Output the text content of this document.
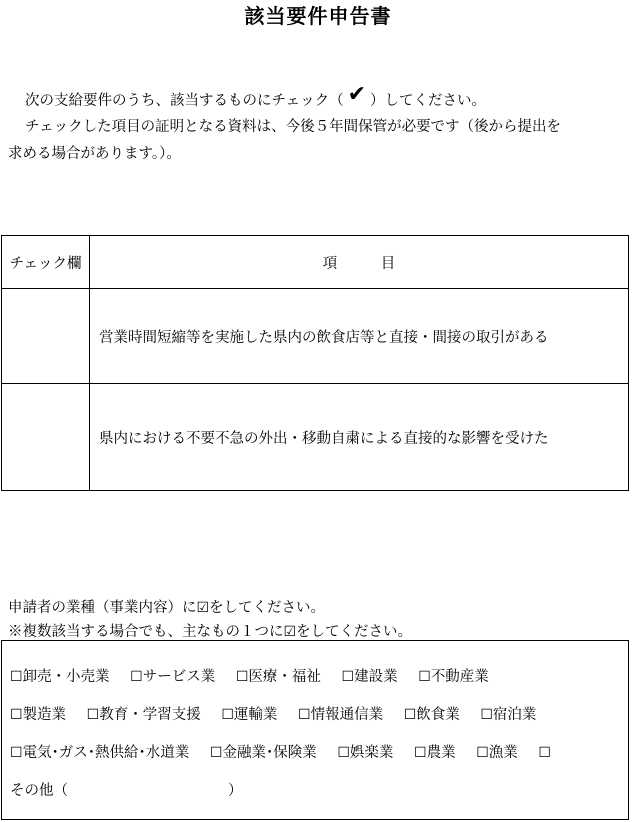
該当要件申告書
次の支給要件のうち、該当するものにチェック（ ✔ ）してください。
チェックした項目の証明となる資料は、今後５年間保管が必要です（後から提出を
求める場合があります。）。
チェック欄	項　　　目
	営業時間短縮等を実施した県内の飲食店等と直接・間接の取引がある
	県内における不要不急の外出・移動自粛による直接的な影響を受けた
申請者の業種（事業内容）に☑をしてください。
※複数該当する場合でも、主なもの１つに☑をしてください。
☐卸売・小売業 ☐サービス業 ☐医療・福祉 ☐建設業 ☐不動産業
☐製造業 ☐教育・学習支援 ☐運輸業 ☐情報通信業 ☐飲食業 ☐宿泊業
☐電気･ガス･熱供給･水道業 ☐金融業･保険業 ☐娯楽業 ☐農業 ☐漁業 ☐
その他（	）
